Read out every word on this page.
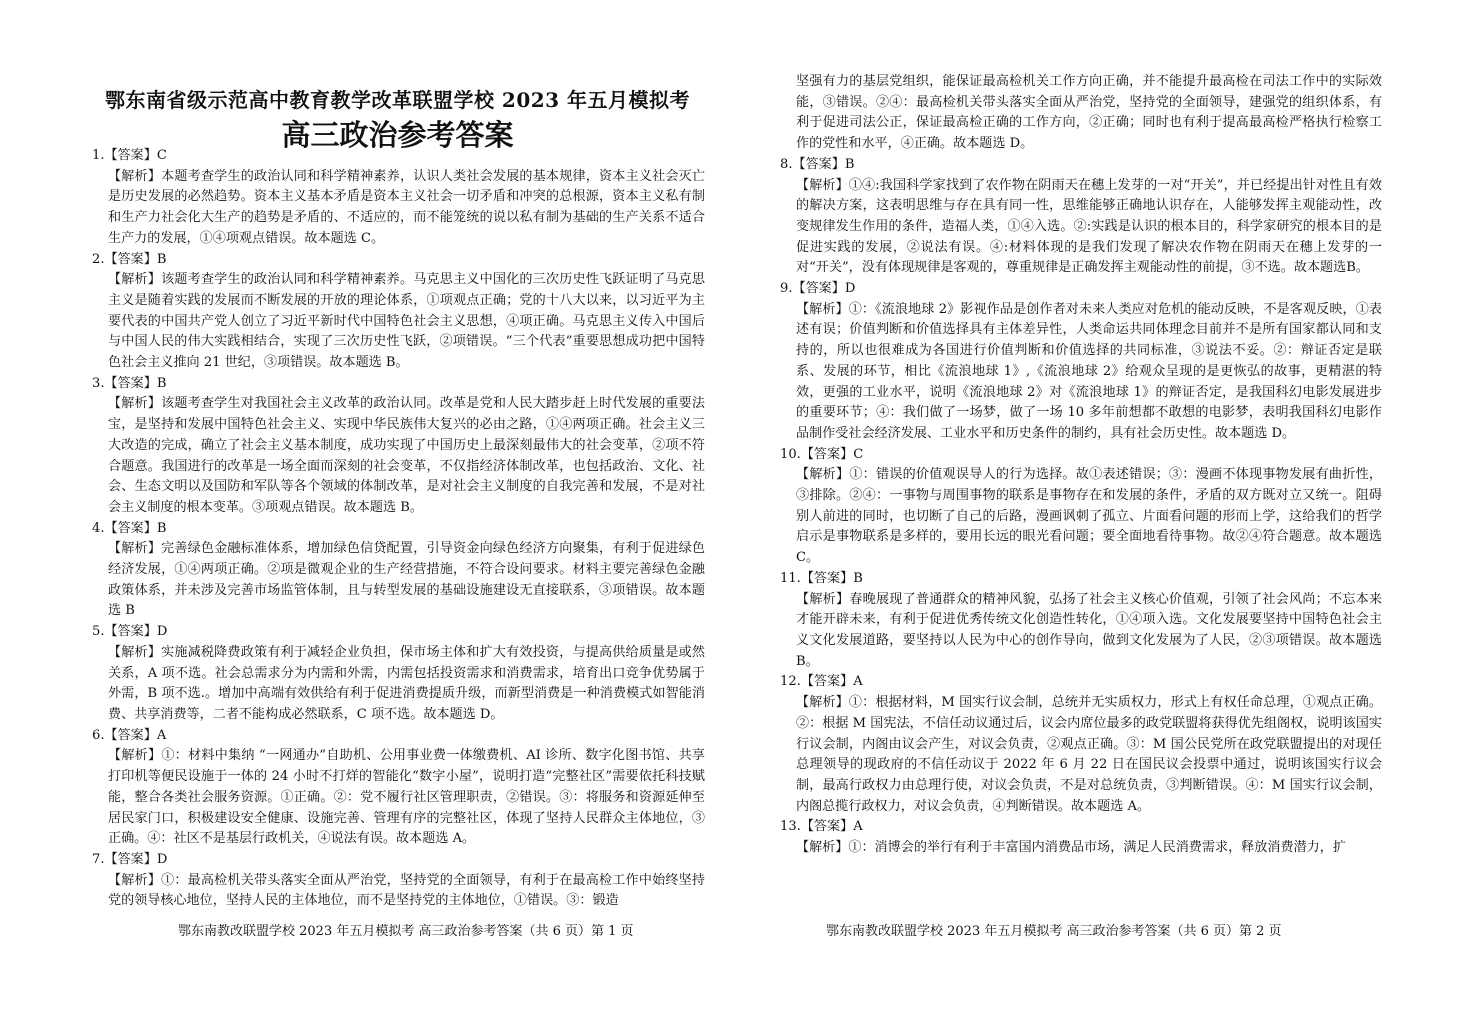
鄂东南省级示范高中教育教学改革联盟学校 2023 年五月模拟考
高三政治参考答案

1.【答案】C

【解析】本题考查学生的政治认同和科学精神素养，认识人类社会发展的基本规律，资本主义社会灭亡是历史发展的必然趋势。资本主义基本矛盾是资本主义社会一切矛盾和冲突的总根源，资本主义私有制和生产力社会化大生产的趋势是矛盾的、不适应的，而不能笼统的说以私有制为基础的生产关系不适合生产力的发展，①④项观点错误。故本题选 C。

2.【答案】B

【解析】该题考查学生的政治认同和科学精神素养。马克思主义中国化的三次历史性飞跃证明了马克思主义是随着实践的发展而不断发展的开放的理论体系，①项观点正确；党的十八大以来，以习近平为主要代表的中国共产党人创立了习近平新时代中国特色社会主义思想，④项正确。马克思主义传入中国后与中国人民的伟大实践相结合，实现了三次历史性飞跃，②项错误。“三个代表”重要思想成功把中国特色社会主义推向 21 世纪，③项错误。故本题选 B。

3.【答案】B

【解析】该题考查学生对我国社会主义改革的政治认同。改革是党和人民大踏步赶上时代发展的重要法宝，是坚持和发展中国特色社会主义、实现中华民族伟大复兴的必由之路，①④两项正确。社会主义三大改造的完成，确立了社会主义基本制度，成功实现了中国历史上最深刻最伟大的社会变革，②项不符合题意。我国进行的改革是一场全面而深刻的社会变革，不仅指经济体制改革，也包括政治、文化、社会、生态文明以及国防和军队等各个领域的体制改革，是对社会主义制度的自我完善和发展，不是对社会主义制度的根本变革。③项观点错误。故本题选 B。

4.【答案】B

【解析】完善绿色金融标准体系，增加绿色信贷配置，引导资金向绿色经济方向聚集，有利于促进绿色经济发展，①④两项正确。②项是微观企业的生产经营措施，不符合设问要求。材料主要完善绿色金融政策体系，并未涉及完善市场监管体制，且与转型发展的基础设施建设无直接联系，③项错误。故本题选 B

5.【答案】D

【解析】实施减税降费政策有利于减轻企业负担，保市场主体和扩大有效投资，与提高供给质量是或然关系，A 项不选。社会总需求分为内需和外需，内需包括投资需求和消费需求，培育出口竞争优势属于外需，B 项不选.。增加中高端有效供给有利于促进消费提质升级，而新型消费是一种消费模式如智能消费、共享消费等，二者不能构成必然联系，C 项不选。故本题选 D。

6.【答案】A

【解析】①：材料中集纳 “一网通办”自助机、公用事业费一体缴费机、AI 诊所、数字化图书馆、共享打印机等便民设施于一体的 24 小时不打烊的智能化“数字小屋”，说明打造“完整社区”需要依托科技赋能，整合各类社会服务资源。①正确。②：党不履行社区管理职责，②错误。③：将服务和资源延伸至居民家门口，积极建设安全健康、设施完善、管理有序的完整社区，体现了坚持人民群众主体地位，③正确。④：社区不是基层行政机关，④说法有误。故本题选 A。

7.【答案】D

【解析】①：最高检机关带头落实全面从严治党，坚持党的全面领导，有利于在最高检工作中始终坚持党的领导核心地位，坚持人民的主体地位，而不是坚持党的主体地位，①错误。③：锻造

坚强有力的基层党组织，能保证最高检机关工作方向正确，并不能提升最高检在司法工作中的实际效能，③错误。②④：最高检机关带头落实全面从严治党，坚持党的全面领导，建强党的组织体系，有利于促进司法公正，保证最高检正确的工作方向，②正确；同时也有利于提高最高检严格执行检察工作的党性和水平，④正确。故本题选 D。

8.【答案】B

【解析】①④:我国科学家找到了农作物在阴雨天在穗上发芽的一对“开关”，并已经提出针对性且有效的解决方案，这表明思维与存在具有同一性，思维能够正确地认识存在，人能够发挥主观能动性，改变规律发生作用的条件，造福人类，①④入选。②:实践是认识的根本目的，科学家研究的根本目的是促进实践的发展，②说法有误。④:材料体现的是我们发现了解决农作物在阴雨天在穗上发芽的一对“开关”，没有体现规律是客观的，尊重规律是正确发挥主观能动性的前提，③不选。故本题选B。

9.【答案】D

【解析】①：《流浪地球 2》影视作品是创作者对未来人类应对危机的能动反映，不是客观反映，①表述有误；价值判断和价值选择具有主体差异性，人类命运共同体理念目前并不是所有国家都认同和支持的，所以也很难成为各国进行价值判断和价值选择的共同标准，③说法不妥。②：辩证否定是联系、发展的环节，相比《流浪地球 1》,《流浪地球 2》给观众呈现的是更恢弘的故事，更精湛的特效，更强的工业水平，说明《流浪地球 2》对《流浪地球 1》的辩证否定，是我国科幻电影发展进步的重要环节；④：我们做了一场梦，做了一场 10 多年前想都不敢想的电影梦，表明我国科幻电影作品制作受社会经济发展、工业水平和历史条件的制约，具有社会历史性。故本题选 D。

10.【答案】C

【解析】①：错误的价值观误导人的行为选择。故①表述错误；③：漫画不体现事物发展有曲折性，③排除。②④：一事物与周围事物的联系是事物存在和发展的条件，矛盾的双方既对立又统一。阻碍别人前进的同时，也切断了自己的后路，漫画讽刺了孤立、片面看问题的形而上学，这给我们的哲学启示是事物联系是多样的，要用长远的眼光看问题；要全面地看待事物。故②④符合题意。故本题选 C。

11.【答案】B

【解析】春晚展现了普通群众的精神风貌，弘扬了社会主义核心价值观，引领了社会风尚；不忘本来才能开辟未来，有利于促进优秀传统文化创造性转化，①④项入选。文化发展要坚持中国特色社会主义文化发展道路，要坚持以人民为中心的创作导向，做到文化发展为了人民，②③项错误。故本题选 B。

12.【答案】A

【解析】①：根据材料，M 国实行议会制，总统并无实质权力，形式上有权任命总理，①观点正确。②：根据 M 国宪法，不信任动议通过后，议会内席位最多的政党联盟将获得优先组阁权，说明该国实行议会制，内阁由议会产生，对议会负责，②观点正确。③：M 国公民党所在政党联盟提出的对现任总理领导的现政府的不信任动议于 2022 年 6 月 22 日在国民议会投票中通过，说明该国实行议会制，最高行政权力由总理行使，对议会负责，不是对总统负责，③判断错误。④：M 国实行议会制，内阁总揽行政权力，对议会负责，④判断错误。故本题选 A。

13.【答案】A

【解析】①：消博会的举行有利于丰富国内消费品市场，满足人民消费需求，释放消费潜力，扩

鄂东南教改联盟学校 2023 年五月模拟考 高三政治参考答案（共 6 页）第 1 页	鄂东南教改联盟学校 2023 年五月模拟考 高三政治参考答案（共 6 页）第 2 页
